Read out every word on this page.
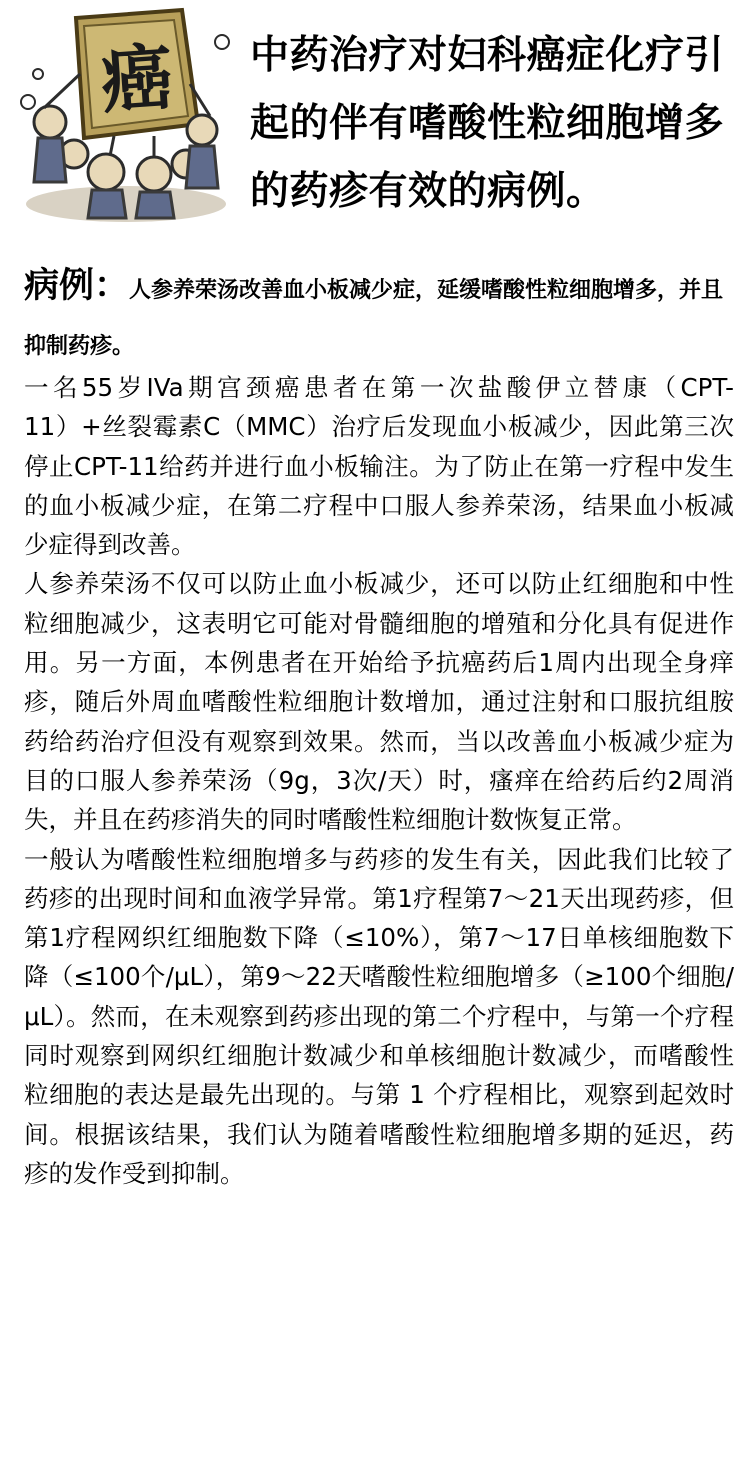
癌	中药治疗对妇科癌症化疗引起的伴有嗜酸性粒细胞增多的药疹有效的病例。
病例：人参养荣汤改善血小板减少症，延缓嗜酸性粒细胞增多，并且抑制药疹。

一名55岁IVa期宫颈癌患者在第一次盐酸伊立替康（CPT-11）+丝裂霉素C（MMC）治疗后发现血小板减少，因此第三次停止CPT-11给药并进行血小板输注。为了防止在第一疗程中发生的血小板减少症，在第二疗程中口服人参养荣汤，结果血小板减少症得到改善。

人参养荣汤不仅可以防止血小板减少，还可以防止红细胞和中性粒细胞减少，这表明它可能对骨髓细胞的增殖和分化具有促进作用。另一方面，本例患者在开始给予抗癌药后1周内出现全身痒疹，随后外周血嗜酸性粒细胞计数增加，通过注射和口服抗组胺药给药治疗但没有观察到效果。然而，当以改善血小板减少症为目的口服人参养荣汤（9g，3次/天）时，瘙痒在给药后约2周消失，并且在药疹消失的同时嗜酸性粒细胞计数恢复正常。

一般认为嗜酸性粒细胞增多与药疹的发生有关，因此我们比较了药疹的出现时间和血液学异常。第1疗程第7～21天出现药疹，但第1疗程网织红细胞数下降（≤10%），第7～17日单核细胞数下降（≤100个/μL），第9～22天嗜酸性粒细胞增多（≥100个细胞/μL）。然而，在未观察到药疹出现的第二个疗程中，与第一个疗程同时观察到网织红细胞计数减少和单核细胞计数减少，而嗜酸性粒细胞的表达是最先出现的。与第 1 个疗程相比，观察到起效时间。根据该结果，我们认为随着嗜酸性粒细胞增多期的延迟，药疹的发作受到抑制。
